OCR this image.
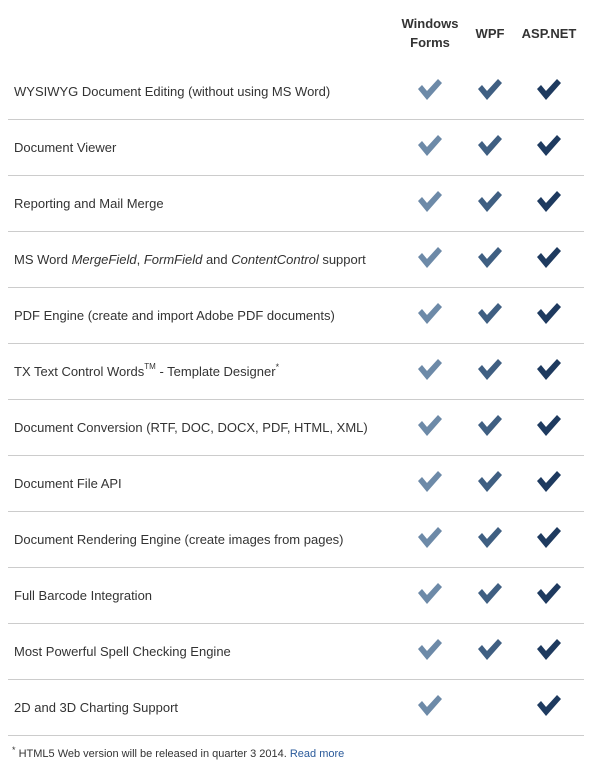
Windows
Forms
WPF	ASP.NET
WYSIWYG Document Editing (without using MS Word)
Document Viewer
Reporting and Mail Merge
MS Word MergeField, FormField and ContentControl support
PDF Engine (create and import Adobe PDF documents)
TX Text Control Words™ - Template Designer*
Document Conversion (RTF, DOC, DOCX, PDF, HTML, XML)
Document File API
Document Rendering Engine (create images from pages)
Full Barcode Integration
Most Powerful Spell Checking Engine
2D and 3D Charting Support
* HTML5 Web version will be released in quarter 3 2014. Read more
